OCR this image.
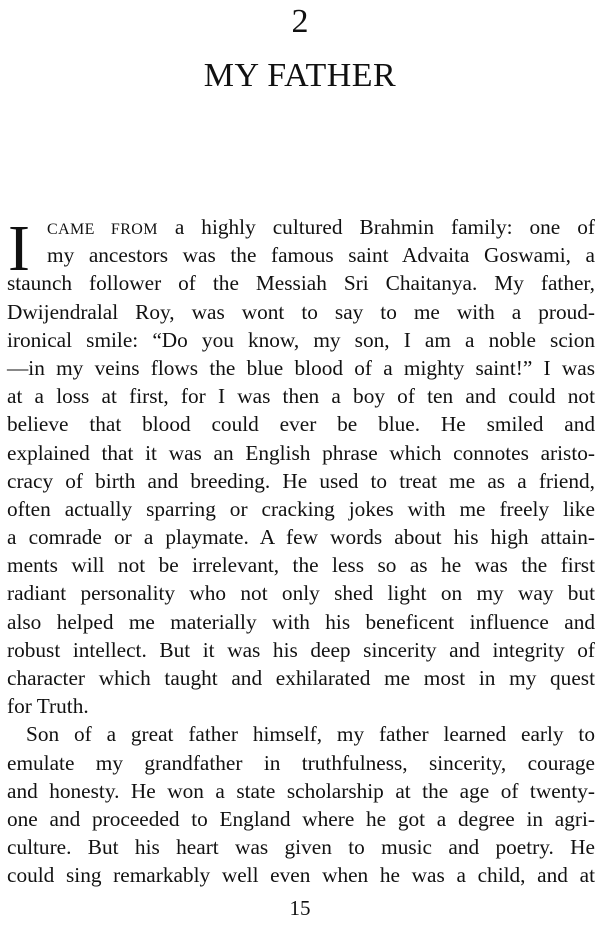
2
MY FATHER
I	CAME FROM a highly cultured Brahmin family: one of
my ancestors was the famous saint Advaita Goswami, a
staunch follower of the Messiah Sri Chaitanya. My father,
Dwijendralal Roy, was wont to say to me with a proud-
ironical smile: “Do you know, my son, I am a noble scion
—in my veins flows the blue blood of a mighty saint!” I was
at a loss at first, for I was then a boy of ten and could not
believe that blood could ever be blue. He smiled and
explained that it was an English phrase which connotes aristo-
cracy of birth and breeding. He used to treat me as a friend,
often actually sparring or cracking jokes with me freely like
a comrade or a playmate. A few words about his high attain-
ments will not be irrelevant, the less so as he was the first
radiant personality who not only shed light on my way but
also helped me materially with his beneficent influence and
robust intellect. But it was his deep sincerity and integrity of
character which taught and exhilarated me most in my quest
for Truth.
Son of a great father himself, my father learned early to
emulate my grandfather in truthfulness, sincerity, courage
and honesty. He won a state scholarship at the age of twenty-
one and proceeded to England where he got a degree in agri-
culture. But his heart was given to music and poetry. He
could sing remarkably well even when he was a child, and at
15
